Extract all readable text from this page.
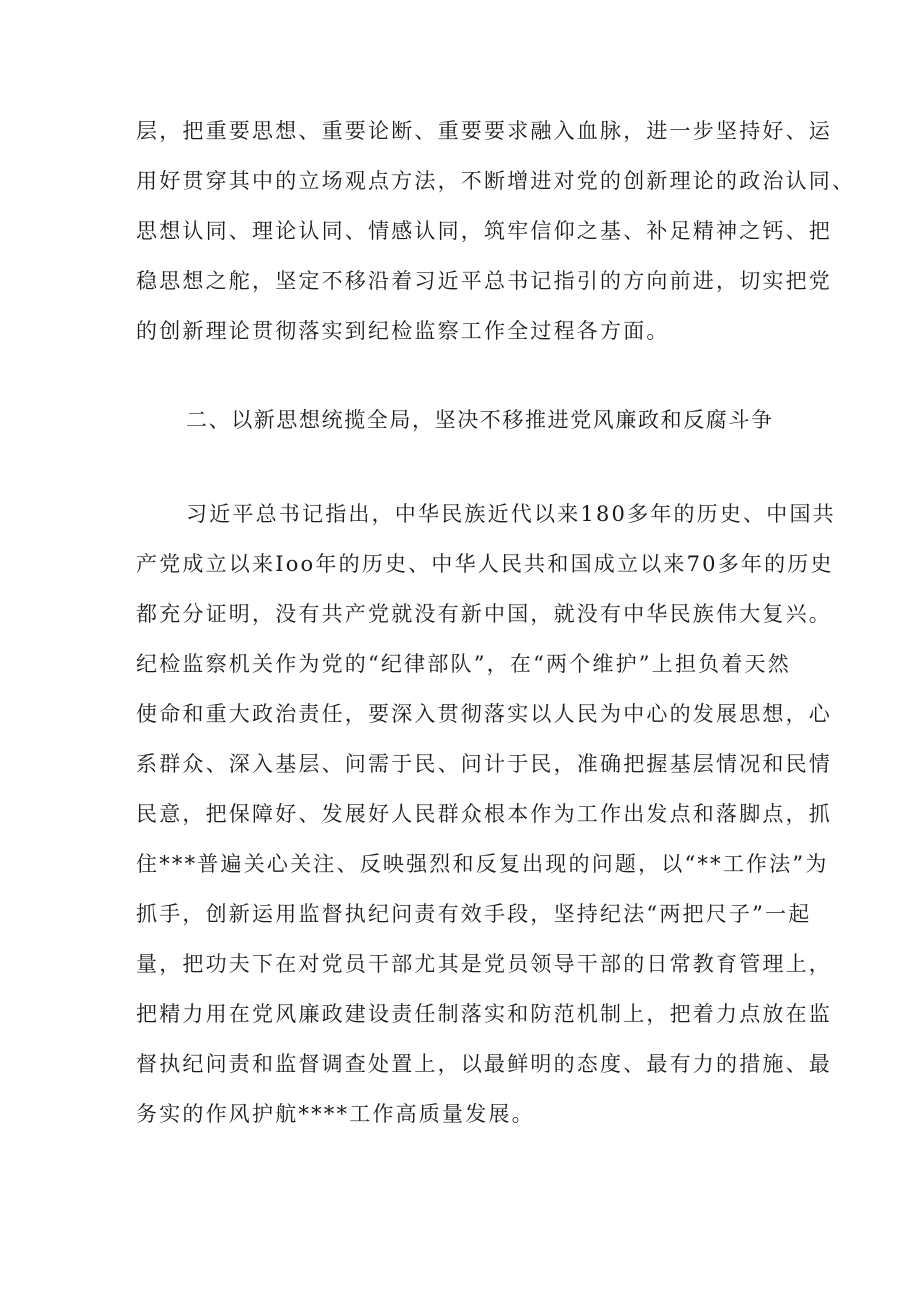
层，把重要思想、重要论断、重要要求融入血脉，进一步坚持好、运

用好贯穿其中的立场观点方法，不断增进对党的创新理论的政治认同、

思想认同、理论认同、情感认同，筑牢信仰之基、补足精神之钙、把

稳思想之舵，坚定不移沿着习近平总书记指引的方向前进，切实把党

的创新理论贯彻落实到纪检监察工作全过程各方面。

二、以新思想统揽全局，坚决不移推进党风廉政和反腐斗争

习近平总书记指出，中华民族近代以来180多年的历史、中国共

产党成立以来Ioo年的历史、中华人民共和国成立以来70多年的历史

都充分证明，没有共产党就没有新中国，就没有中华民族伟大复兴。

纪检监察机关作为党的“纪律部队”，在“两个维护”上担负着天然

使命和重大政治责任，要深入贯彻落实以人民为中心的发展思想，心

系群众、深入基层、问需于民、问计于民，准确把握基层情况和民情

民意，把保障好、发展好人民群众根本作为工作出发点和落脚点，抓

住***普遍关心关注、反映强烈和反复出现的问题，以“**工作法”为

抓手，创新运用监督执纪问责有效手段，坚持纪法“两把尺子”一起

量，把功夫下在对党员干部尤其是党员领导干部的日常教育管理上，

把精力用在党风廉政建设责任制落实和防范机制上，把着力点放在监

督执纪问责和监督调查处置上，以最鲜明的态度、最有力的措施、最

务实的作风护航****工作高质量发展。
